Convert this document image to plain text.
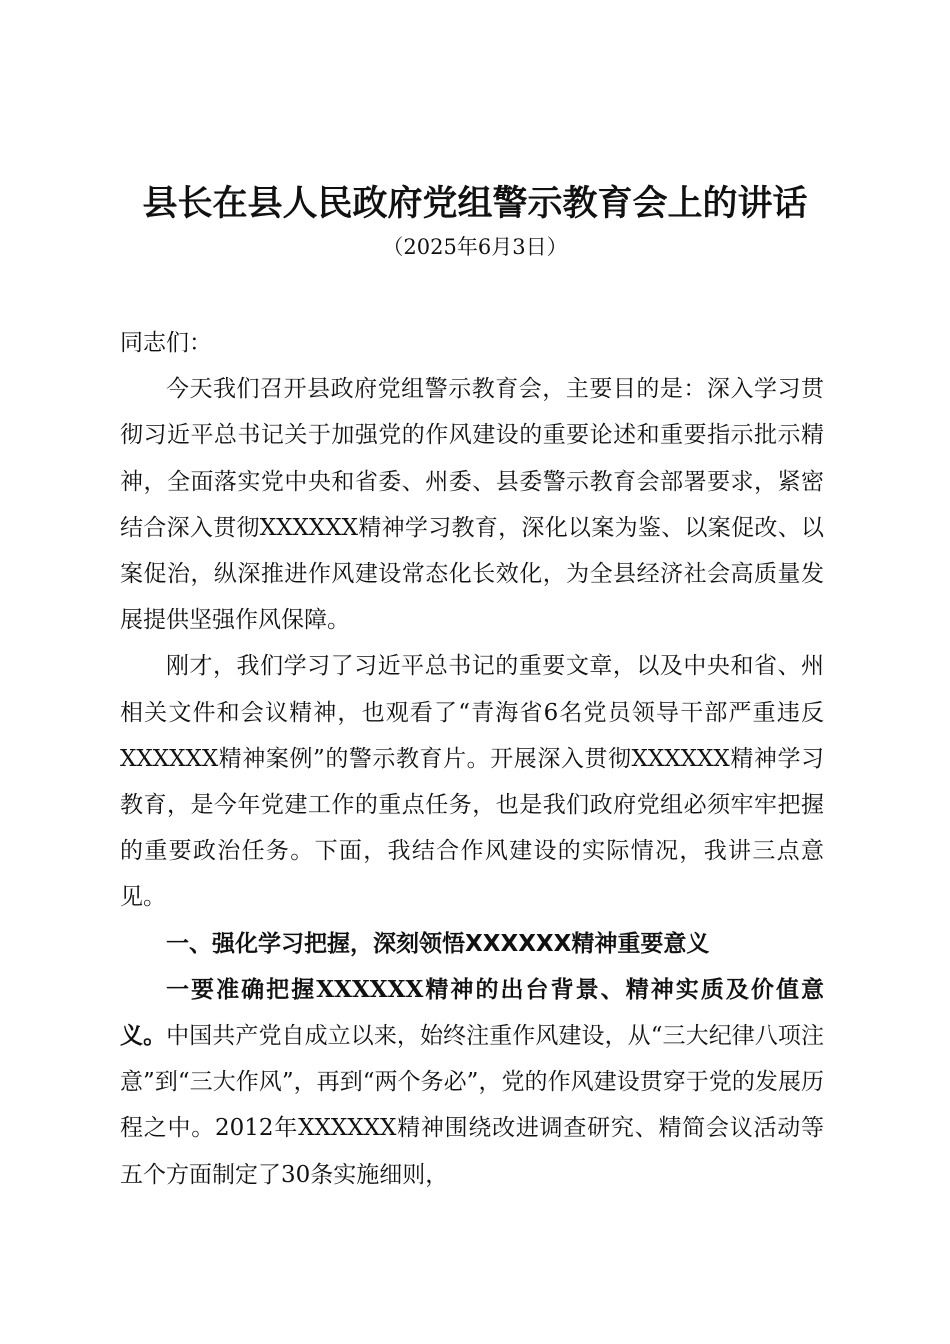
县长在县人民政府党组警示教育会上的讲话

（2025年6月3日）

同志们：

今天我们召开县政府党组警示教育会，主要目的是：深入学习贯彻习近平总书记关于加强党的作风建设的重要论述和重要指示批示精神，全面落实党中央和省委、州委、县委警示教育会部署要求，紧密结合深入贯彻XXXXXX精神学习教育，深化以案为鉴、以案促改、以案促治，纵深推进作风建设常态化长效化，为全县经济社会高质量发展提供坚强作风保障。

刚才，我们学习了习近平总书记的重要文章，以及中央和省、州相关文件和会议精神，也观看了“青海省6名党员领导干部严重违反XXXXXX精神案例”的警示教育片。开展深入贯彻XXXXXX精神学习教育，是今年党建工作的重点任务，也是我们政府党组必须牢牢把握的重要政治任务。下面，我结合作风建设的实际情况，我讲三点意见。

一、强化学习把握，深刻领悟XXXXXX精神重要意义

一要准确把握XXXXXX精神的出台背景、精神实质及价值意义。中国共产党自成立以来，始终注重作风建设，从“三大纪律八项注意”到“三大作风”，再到“两个务必”，党的作风建设贯穿于党的发展历程之中。2012年XXXXXX精神围绕改进调查研究、精简会议活动等五个方面制定了30条实施细则，
